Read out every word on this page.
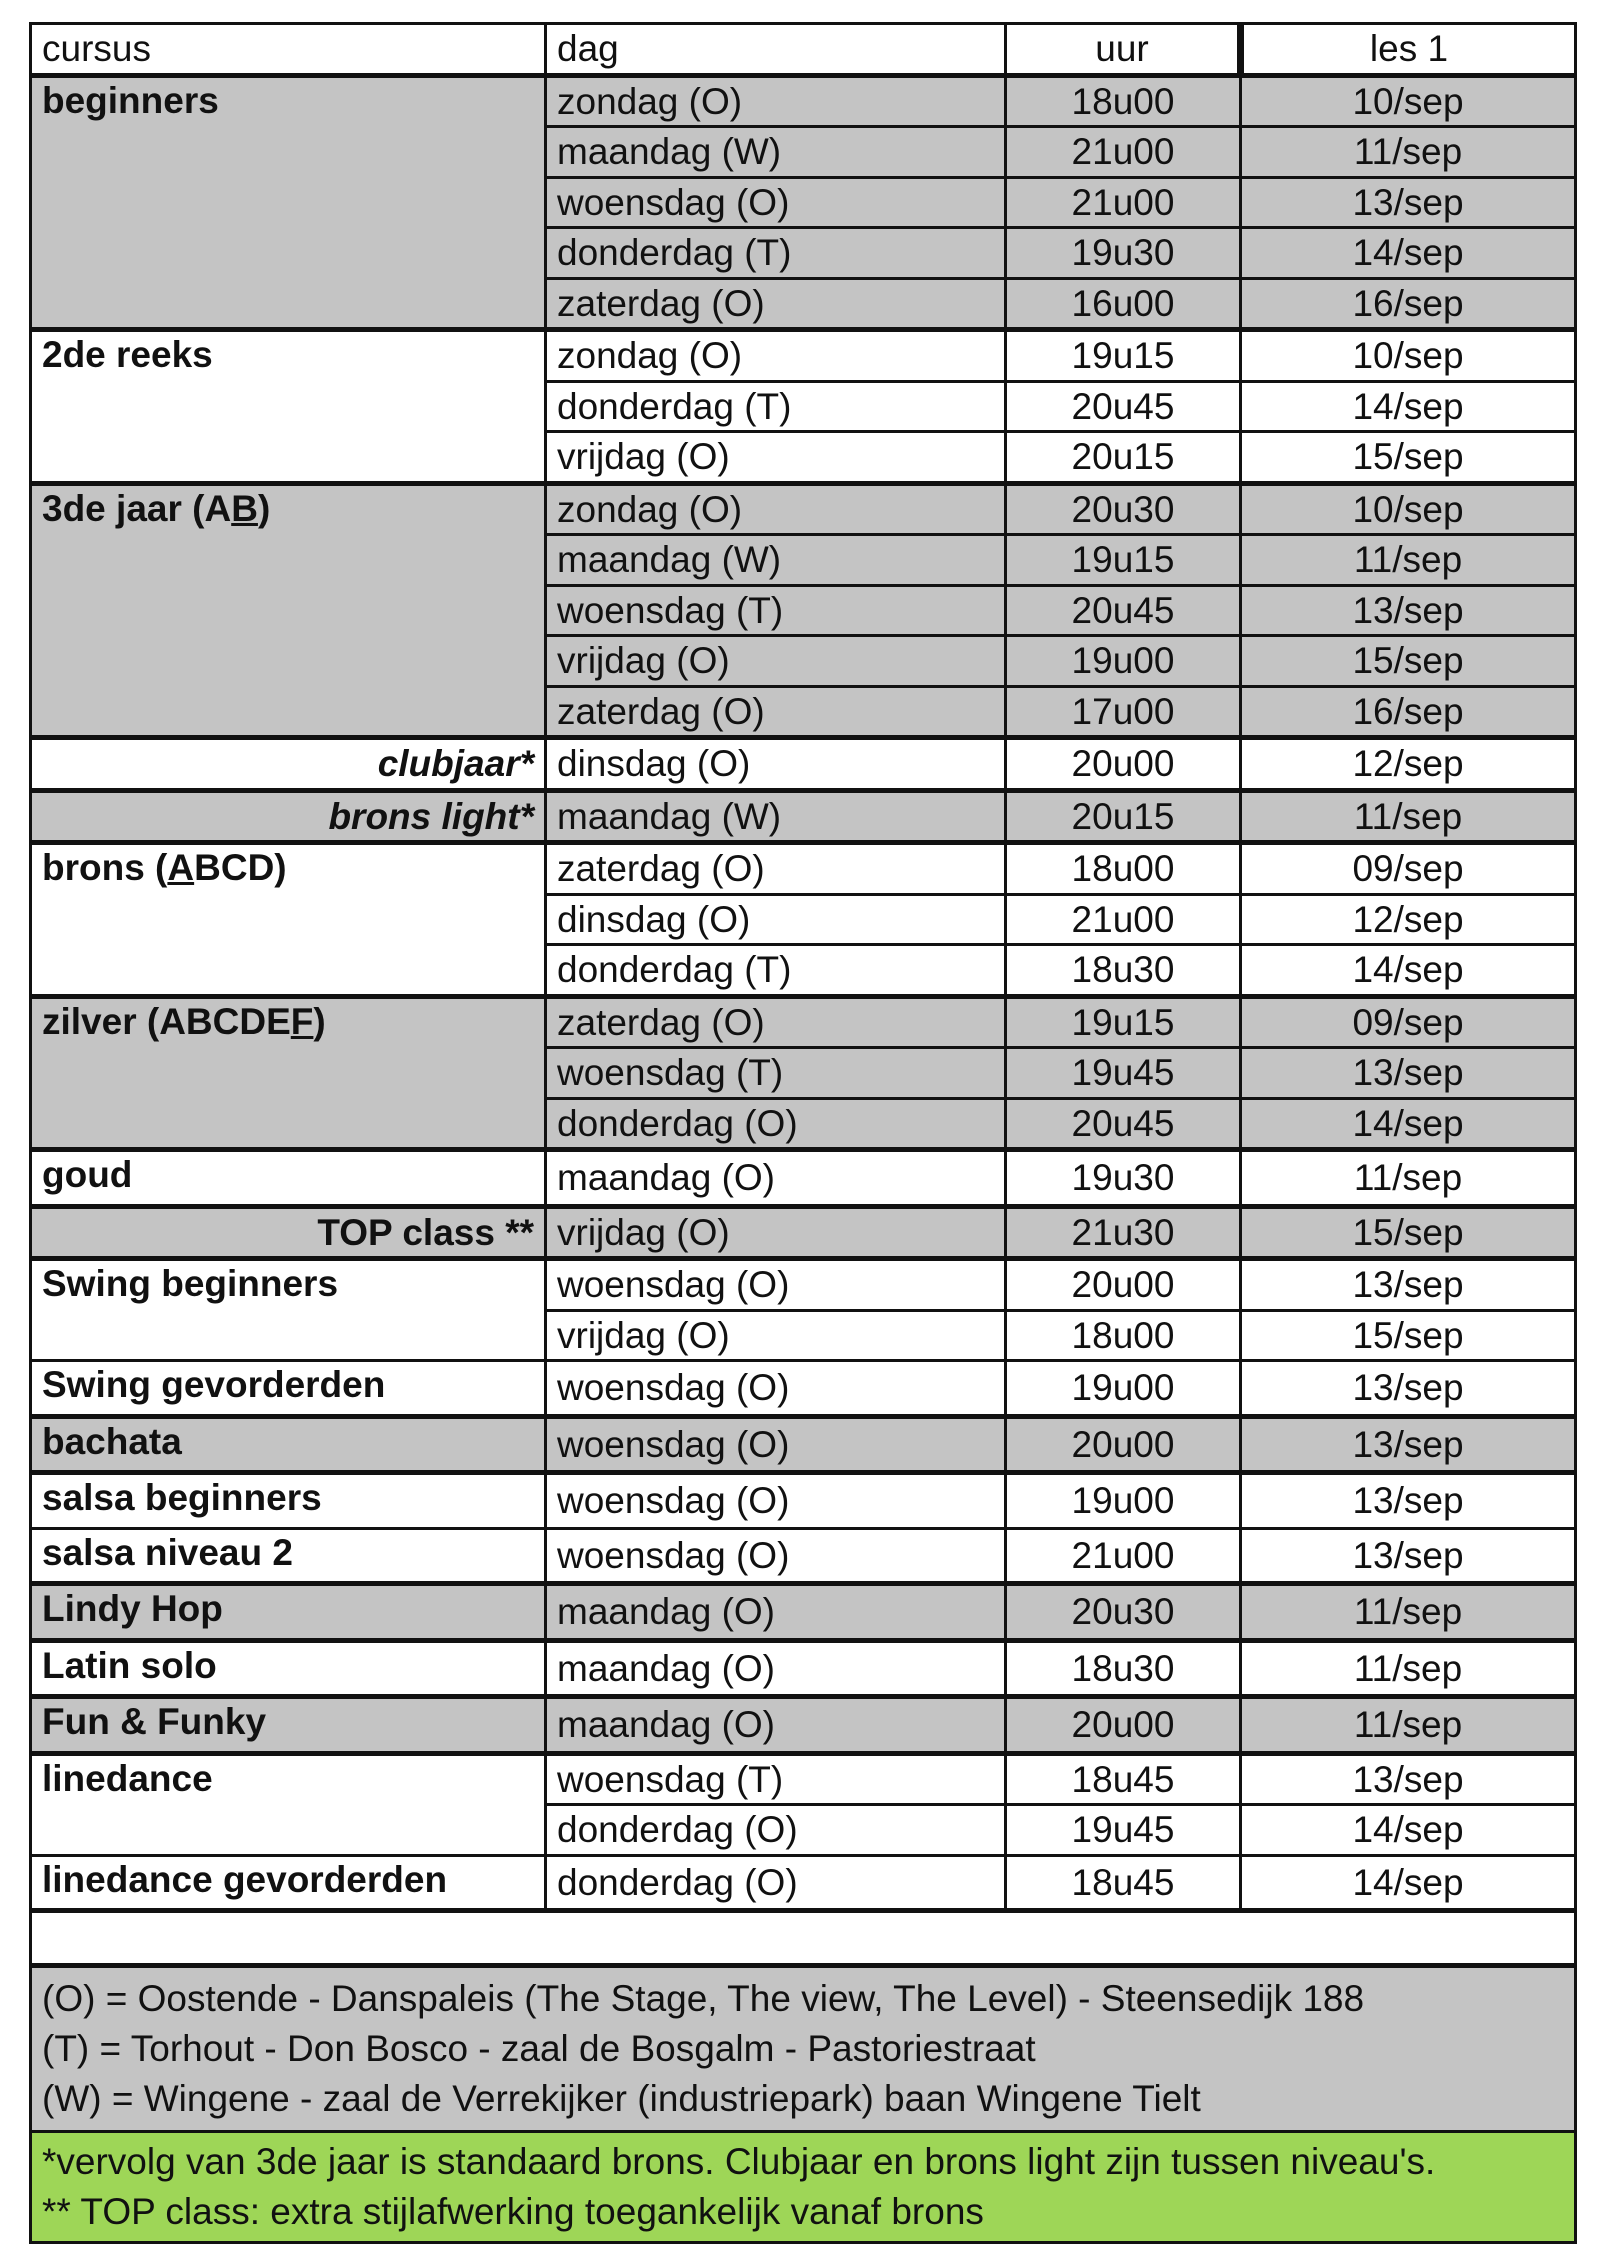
cursus	dag	uur	les 1
beginners	zondag (O)	18u00	10/sep
	maandag (W)	21u00	11/sep
	woensdag (O)	21u00	13/sep
	donderdag (T)	19u30	14/sep
	zaterdag (O)	16u00	16/sep
2de reeks	zondag (O)	19u15	10/sep
	donderdag (T)	20u45	14/sep
	vrijdag (O)	20u15	15/sep
3de jaar (AB)	zondag (O)	20u30	10/sep
	maandag (W)	19u15	11/sep
	woensdag (T)	20u45	13/sep
	vrijdag (O)	19u00	15/sep
	zaterdag (O)	17u00	16/sep
clubjaar*	dinsdag (O)	20u00	12/sep
brons light*	maandag (W)	20u15	11/sep
brons (ABCD)	zaterdag (O)	18u00	09/sep
	dinsdag (O)	21u00	12/sep
	donderdag (T)	18u30	14/sep
zilver (ABCDEF)	zaterdag (O)	19u15	09/sep
	woensdag (T)	19u45	13/sep
	donderdag (O)	20u45	14/sep
goud	maandag (O)	19u30	11/sep
TOP class **	vrijdag (O)	21u30	15/sep
Swing beginners	woensdag (O)	20u00	13/sep
	vrijdag (O)	18u00	15/sep
Swing gevorderden	woensdag (O)	19u00	13/sep
bachata	woensdag (O)	20u00	13/sep
salsa beginners	woensdag (O)	19u00	13/sep
salsa niveau 2	woensdag (O)	21u00	13/sep
Lindy Hop	maandag (O)	20u30	11/sep
Latin solo	maandag (O)	18u30	11/sep
Fun & Funky	maandag (O)	20u00	11/sep
linedance	woensdag (T)	18u45	13/sep
	donderdag (O)	19u45	14/sep
linedance gevorderden	donderdag (O)	18u45	14/sep

(O) = Oostende - Danspaleis (The Stage, The view, The Level) - Steensedijk 188
(T) = Torhout - Don Bosco - zaal de Bosgalm - Pastoriestraat
(W) = Wingene - zaal de Verrekijker (industriepark) baan Wingene Tielt			

*vervolg van 3de jaar is standaard brons. Clubjaar en brons light zijn tussen niveau's.
** TOP class: extra stijlafwerking toegankelijk vanaf brons			
